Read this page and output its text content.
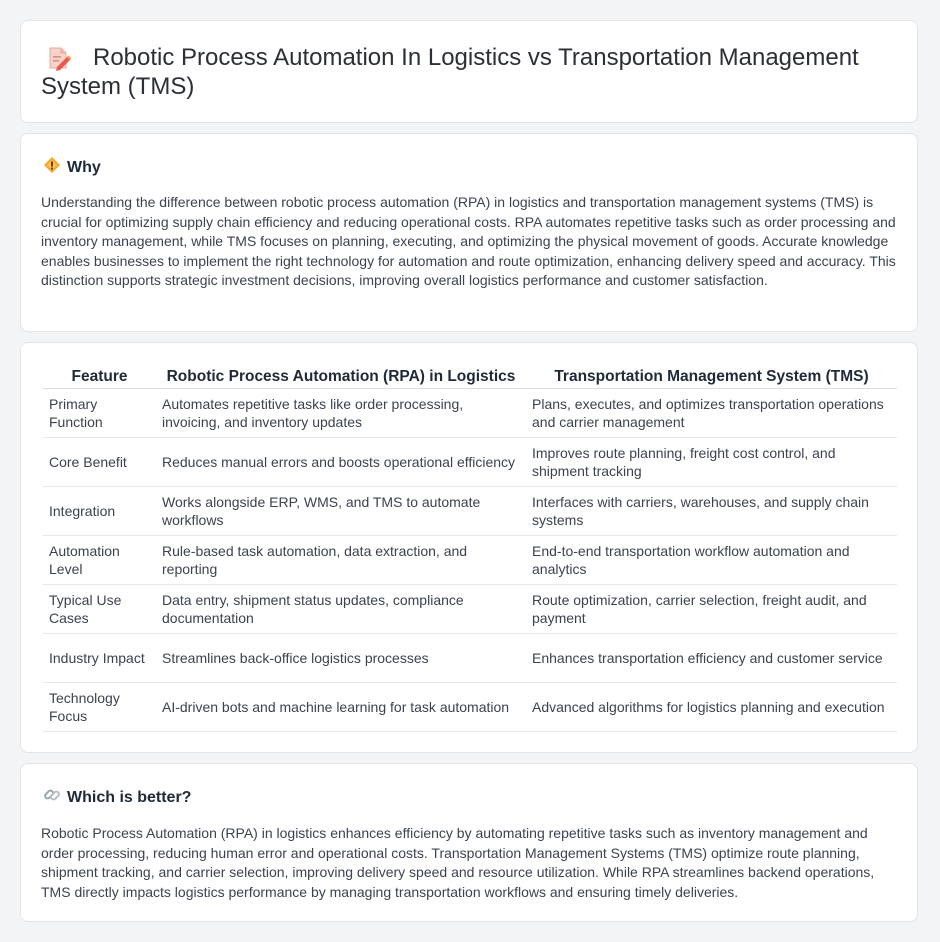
Robotic Process Automation In Logistics vs Transportation Management System (TMS)
Why

Understanding the difference between robotic process automation (RPA) in logistics and transportation management systems (TMS) is crucial for optimizing supply chain efficiency and reducing operational costs. RPA automates repetitive tasks such as order processing and inventory management, while TMS focuses on planning, executing, and optimizing the physical movement of goods. Accurate knowledge enables businesses to implement the right technology for automation and route optimization, enhancing delivery speed and accuracy. This distinction supports strategic investment decisions, improving overall logistics performance and customer satisfaction.

Feature	Robotic Process Automation (RPA) in Logistics	Transportation Management System (TMS)
Primary Function	Automates repetitive tasks like order processing, invoicing, and inventory updates	Plans, executes, and optimizes transportation operations and carrier management
Core Benefit	Reduces manual errors and boosts operational efficiency	Improves route planning, freight cost control, and shipment tracking
Integration	Works alongside ERP, WMS, and TMS to automate workflows	Interfaces with carriers, warehouses, and supply chain systems
Automation Level	Rule-based task automation, data extraction, and reporting	End-to-end transportation workflow automation and analytics
Typical Use Cases	Data entry, shipment status updates, compliance documentation	Route optimization, carrier selection, freight audit, and payment
Industry Impact	Streamlines back-office logistics processes	Enhances transportation efficiency and customer service
Technology Focus	AI-driven bots and machine learning for task automation	Advanced algorithms for logistics planning and execution
Which is better?

Robotic Process Automation (RPA) in logistics enhances efficiency by automating repetitive tasks such as inventory management and order processing, reducing human error and operational costs. Transportation Management Systems (TMS) optimize route planning, shipment tracking, and carrier selection, improving delivery speed and resource utilization. While RPA streamlines backend operations, TMS directly impacts logistics performance by managing transportation workflows and ensuring timely deliveries.
